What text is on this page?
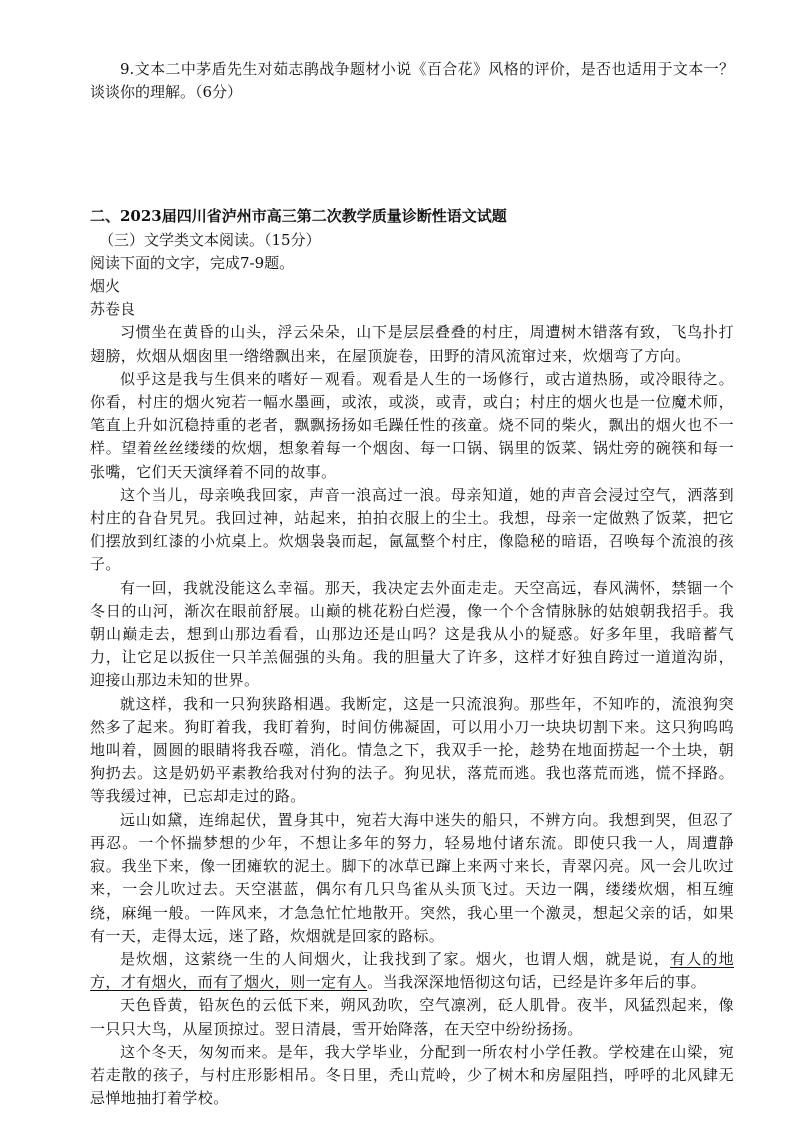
9.文本二中茅盾先生对茹志鹃战争题材小说《百合花》风格的评价，是否也适用于文本一？谈谈你的理解。（6分）

二、2023届四川省泸州市高三第二次教学质量诊断性语文试题

（三）文学类文本阅读。（15分）

阅读下面的文字，完成7-9题。

烟火

苏卷良

习惯坐在黄昏的山头，浮云朵朵，山下是层层叠叠的村庄，周遭树木错落有致，飞鸟扑打翅膀，炊烟从烟囱里一绺绺飘出来，在屋顶旋卷，田野的清风流窜过来，炊烟弯了方向。

似乎这是我与生俱来的嗜好－观看。观看是人生的一场修行，或古道热肠，或冷眼待之。你看，村庄的烟火宛若一幅水墨画，或浓，或淡，或青，或白；村庄的烟火也是一位魔术师，笔直上升如沉稳持重的老者，飘飘扬扬如毛躁任性的孩童。烧不同的柴火，飘出的烟火也不一样。望着丝丝缕缕的炊烟，想象着每一个烟囱、每一口锅、锅里的饭菜、锅灶旁的碗筷和每一张嘴，它们天天演绎着不同的故事。

这个当儿，母亲唤我回家，声音一浪高过一浪。母亲知道，她的声音会浸过空气，洒落到村庄的旮旮旯旯。我回过神，站起来，拍拍衣服上的尘土。我想，母亲一定做熟了饭菜，把它们摆放到红漆的小炕桌上。炊烟袅袅而起，氤氲整个村庄，像隐秘的暗语，召唤每个流浪的孩子。

有一回，我就没能这么幸福。那天，我决定去外面走走。天空高远，春风满怀，禁锢一个冬日的山河，渐次在眼前舒展。山巅的桃花粉白烂漫，像一个个含情脉脉的姑娘朝我招手。我朝山巅走去，想到山那边看看，山那边还是山吗？这是我从小的疑惑。好多年里，我暗蓄气力，让它足以扳住一只羊羔倔强的头角。我的胆量大了许多，这样才好独自跨过一道道沟峁，迎接山那边未知的世界。

就这样，我和一只狗狭路相遇。我断定，这是一只流浪狗。那些年，不知咋的，流浪狗突然多了起来。狗盯着我，我盯着狗，时间仿佛凝固，可以用小刀一块块切割下来。这只狗呜呜地叫着，圆圆的眼睛将我吞噬，消化。情急之下，我双手一抡，趁势在地面捞起一个土块，朝狗扔去。这是奶奶平素教给我对付狗的法子。狗见状，落荒而逃。我也落荒而逃，慌不择路。等我缓过神，已忘却走过的路。

远山如黛，连绵起伏，置身其中，宛若大海中迷失的船只，不辨方向。我想到哭，但忍了再忍。一个怀揣梦想的少年，不想让多年的努力，轻易地付诸东流。即使只我一人，周遭静寂。我坐下来，像一团瘫软的泥土。脚下的冰草已蹿上来两寸来长，青翠闪亮。风一会儿吹过来，一会儿吹过去。天空湛蓝，偶尔有几只鸟雀从头顶飞过。天边一隅，缕缕炊烟，相互缠绕，麻绳一般。一阵风来，才急急忙忙地散开。突然，我心里一个激灵，想起父亲的话，如果有一天，走得太远，迷了路，炊烟就是回家的路标。

是炊烟，这萦绕一生的人间烟火，让我找到了家。烟火，也谓人烟，就是说，有人的地方，才有烟火，而有了烟火，则一定有人。当我深深地悟彻这句话，已经是许多年后的事。

天色昏黄，铅灰色的云低下来，朔风劲吹，空气凛冽，砭人肌骨。夜半，风猛烈起来，像一只只大鸟，从屋顶掠过。翌日清晨，雪开始降落，在天空中纷纷扬扬。

这个冬天，匆匆而来。是年，我大学毕业，分配到一所农村小学任教。学校建在山梁，宛若走散的孩子，与村庄形影相吊。冬日里，秃山荒岭，少了树木和房屋阻挡，呼呼的北风肆无忌惮地抽打着学校。
